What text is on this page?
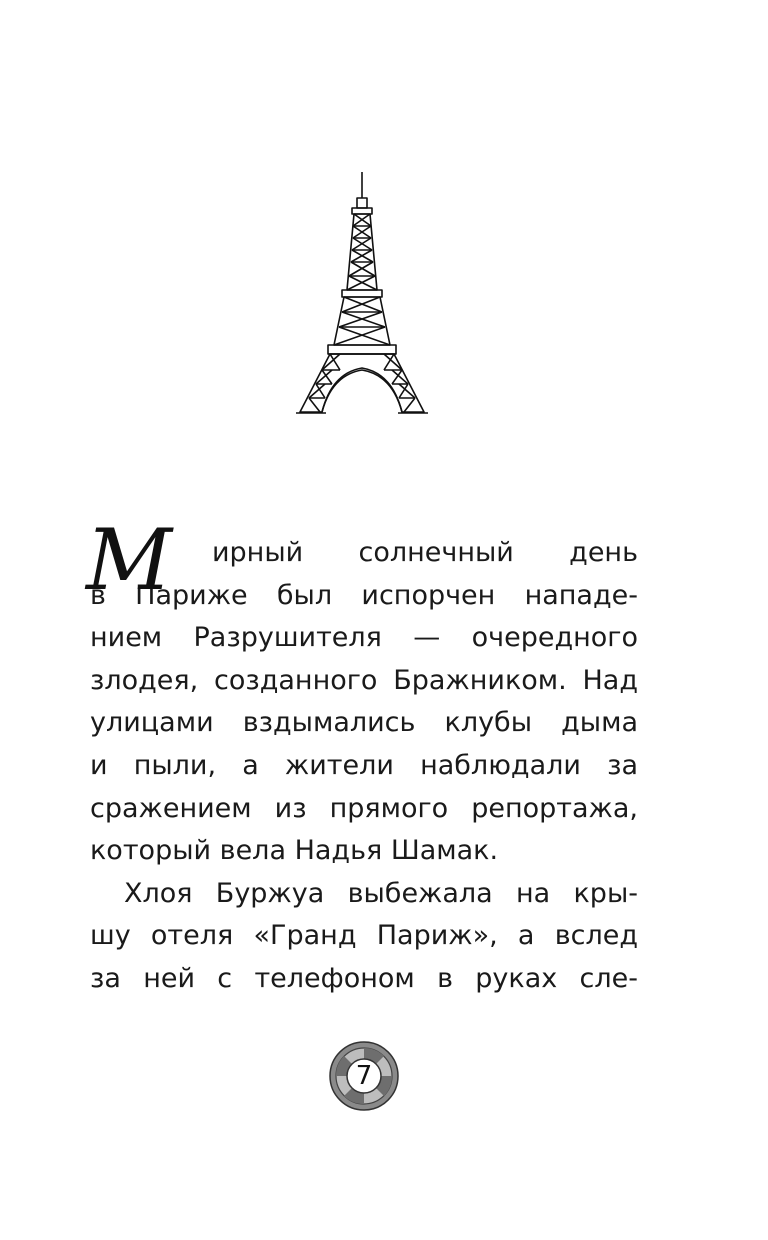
М ирный солнечный день
в Париже был испорчен нападе-
нием Разрушителя — очередного
злодея, созданного Бражником. Над
улицами вздымались клубы дыма
и пыли, а жители наблюдали за
сражением из прямого репортажа,
который вела Надья Шамак.
Хлоя Буржуа выбежала на кры-
шу отеля «Гранд Париж», а вслед
за ней с телефоном в руках сле-
7
